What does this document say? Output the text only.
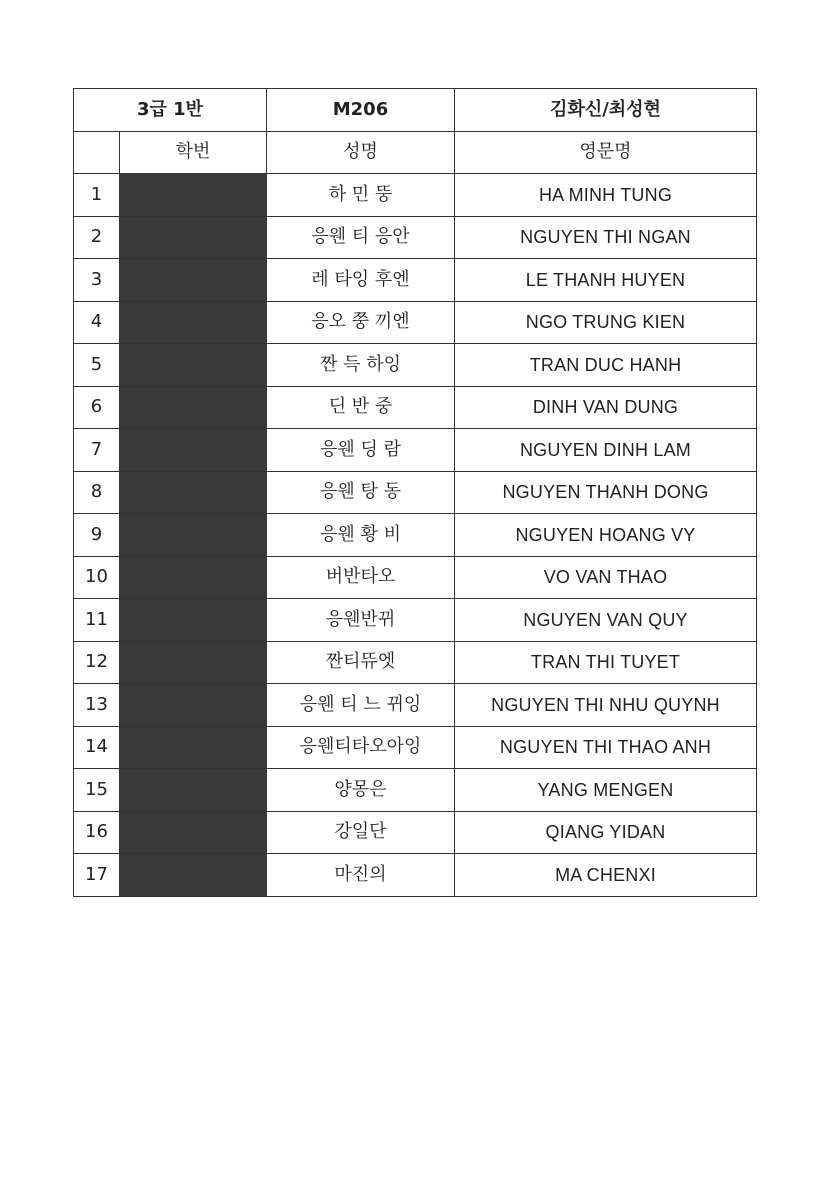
3급 1반		M206	김화신/최성현
	학번	성명	영문명
1		하 민 뚱	HA MINH TUNG
2		응웬 티 응안	NGUYEN THI NGAN
3		레 타잉 후엔	LE THANH HUYEN
4		응오 쭝 끼엔	NGO TRUNG KIEN
5		짠 득 하잉	TRAN DUC HANH
6		딘 반 중	DINH VAN DUNG
7		응웬 딩 람	NGUYEN DINH LAM
8		응웬 탕 동	NGUYEN THANH DONG
9		응웬 황 비	NGUYEN HOANG VY
10		버반타오	VO VAN THAO
11		응웬반뀌	NGUYEN VAN QUY
12		짠티뜌엣	TRAN THI TUYET
13		응웬 티 느 뀌잉	NGUYEN THI NHU QUYNH
14		응웬티타오아잉	NGUYEN THI THAO ANH
15		양몽은	YANG MENGEN
16		강일단	QIANG YIDAN
17		마진의	MA CHENXI
